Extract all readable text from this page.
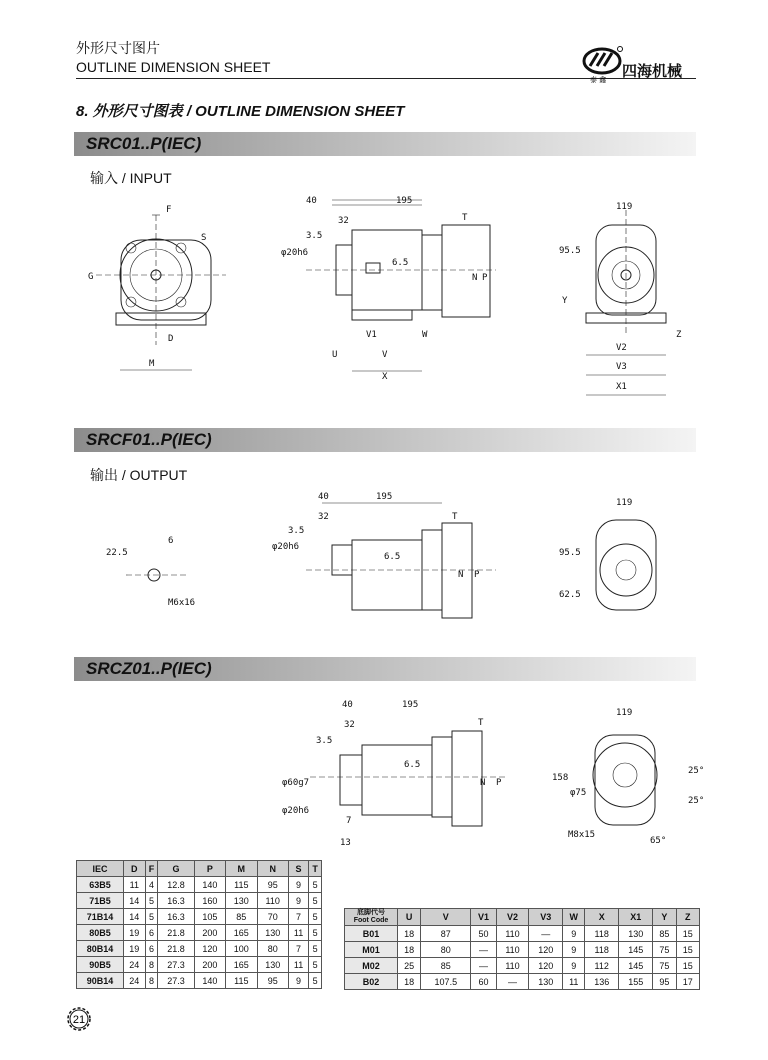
外形尺寸图片
OUTLINE DIMENSION SHEET
泰 鑫 四海机械
8. 外形尺寸图表 / OUTLINE DIMENSION SHEET
SRC01..P(IEC)
输入 / INPUT
F
S
G
D
M
40	195
32
3.5
6.5
φ20h6
T
N P
V1	W
U	V
X
119
95.5
Y
Z
V2
V3
X1
SRCF01..P(IEC)
输出 / OUTPUT
22.5
6
M6x16
40	195
32
3.5
φ20h6
6.5
T
N P
119
95.5
62.5
SRCZ01..P(IEC)
40	195
32
3.5
6.5
φ60g7
φ20h6
7
13
T
N P
119
158
φ75
25°
25°
65°
M8x15
IEC	D	F	G	P	M	N	S	T
63B5	11	4	12.8	140	115	95	9	5
71B5	14	5	16.3	160	130	110	9	5
71B14	14	5	16.3	105	85	70	7	5
80B5	19	6	21.8	200	165	130	11	5
80B14	19	6	21.8	120	100	80	7	5
90B5	24	8	27.3	200	165	130	11	5
90B14	24	8	27.3	140	115	95	9	5
底脚代号
Foot Code	U	V	V1	V2	V3	W	X	X1	Y	Z
B01	18	87	50	110	—	9	118	130	85	15
M01	18	80	—	110	120	9	118	145	75	15
M02	25	85	—	110	120	9	112	145	75	15
B02	18	107.5	60	—	130	11	136	155	95	17
21
